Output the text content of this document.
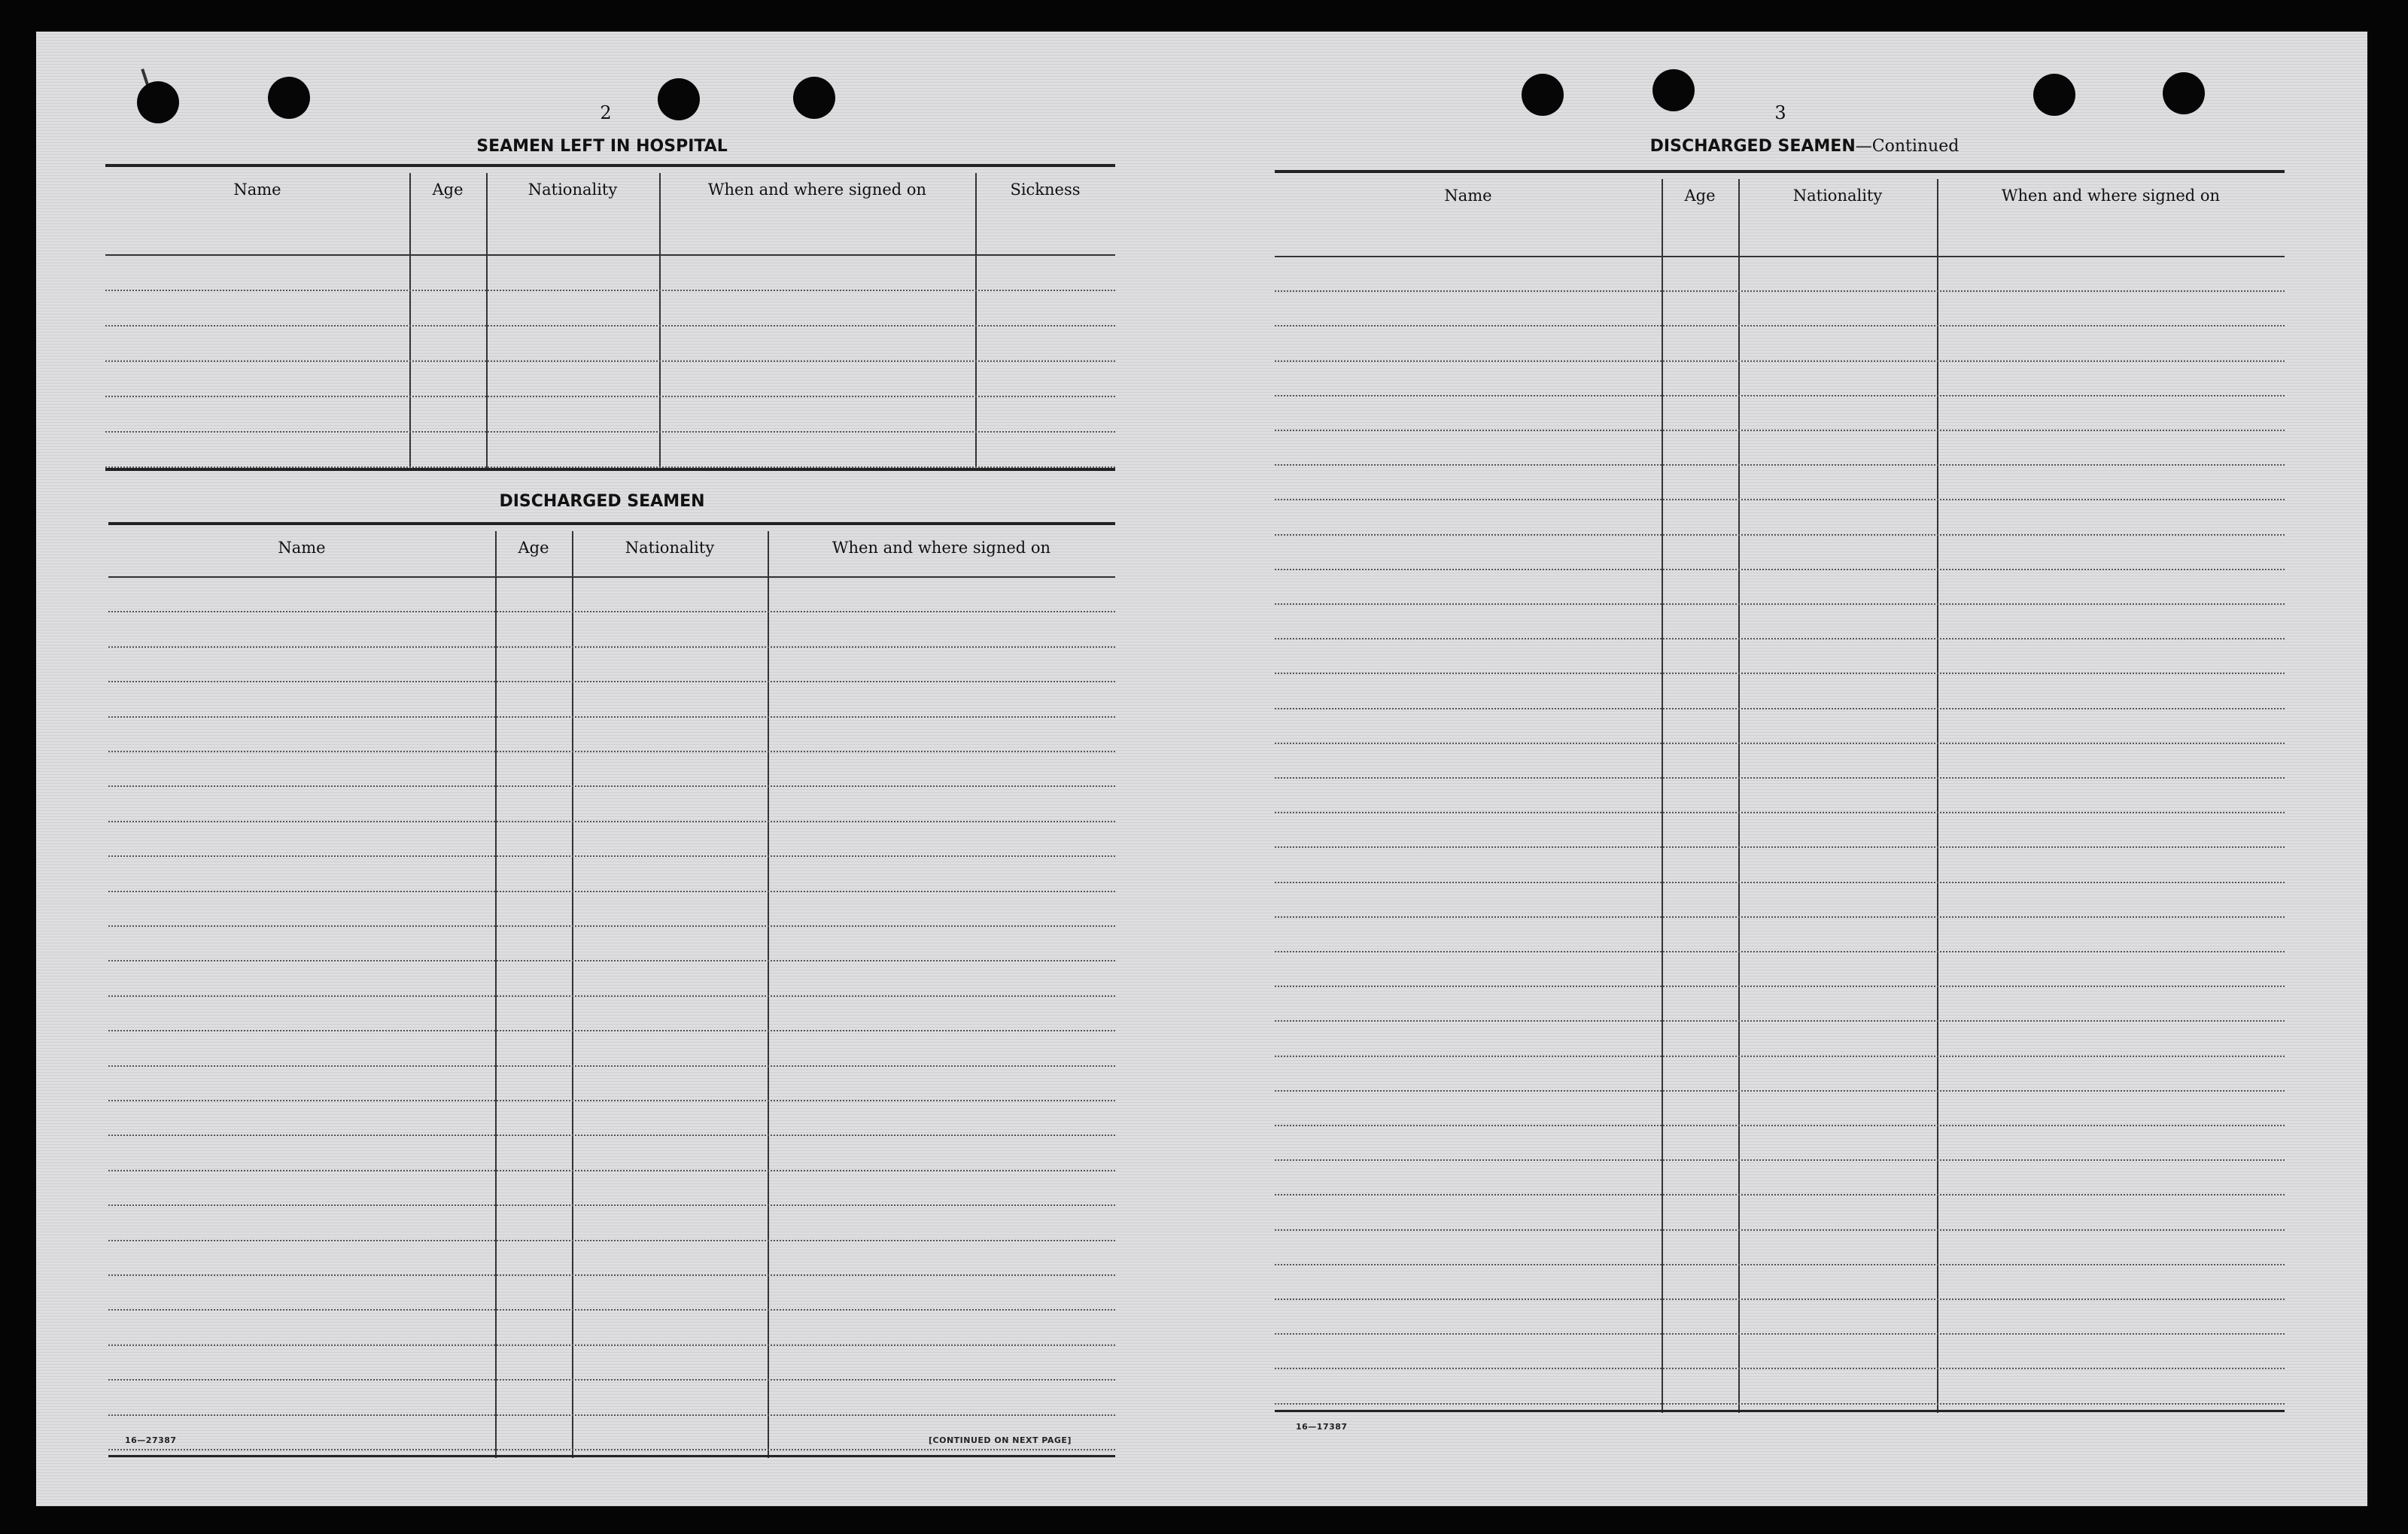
2
SEAMEN LEFT IN HOSPITAL
Name	Age	Nationality	When and where signed on	Sickness
DISCHARGED SEAMEN
Name	Age	Nationality	When and where signed on
16—27387	[CONTINUED ON NEXT PAGE]
3
DISCHARGED SEAMEN—Continued
Name	Age	Nationality	When and where signed on
16—17387
